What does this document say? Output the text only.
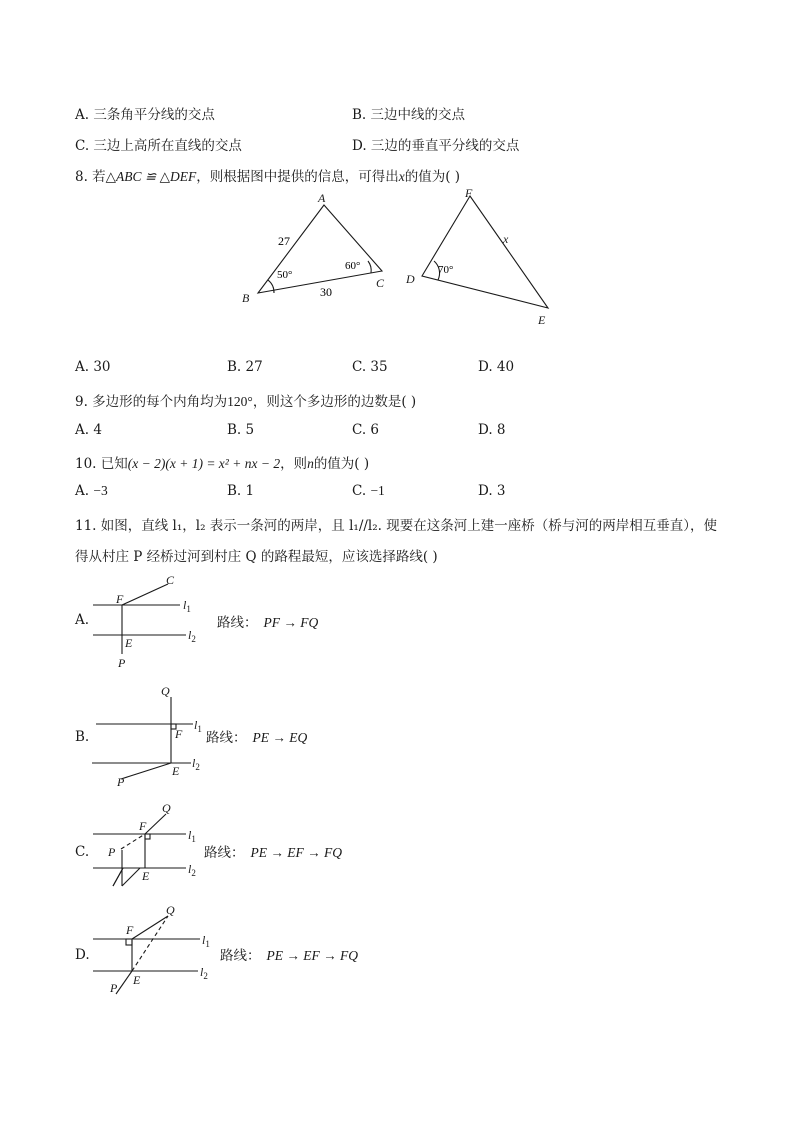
A. 三条角平分线的交点	B. 三边中线的交点
C. 三边上高所在直线的交点	D. 三边的垂直平分线的交点
8. 若△ABC ≌ △DEF，则根据图中提供的信息，可得出x的值为( )
A
B
C
27
30
50°
60°
F
D
E
x
70°
A. 30	B. 27	C. 35	D. 40
9. 多边形的每个内角均为120°，则这个多边形的边数是( )
A. 4	B. 5	C. 6	D. 8
10. 已知(x − 2)(x + 1) = x² + nx − 2，则n的值为( )
A. −3	B. 1	C. −1	D. 3
11. 如图，直线 l₁，l₂ 表示一条河的两岸，且 l₁//l₂. 现要在这条河上建一座桥（桥与河的两岸相互垂直），使
得从村庄 P 经桥过河到村庄 Q 的路程最短，应该选择路线( )
A.
C
F
E
P
$l_1$
$l_2$
路线： PF → FQ
B.
Q
F
E
P
$l_1$
$l_2$
路线： PE → EQ
C.
Q
F
P
E
$l_1$
$l_2$
路线： PE → EF → FQ
D.
Q
F
E
P
$l_1$
$l_2$
路线： PE → EF → FQ
